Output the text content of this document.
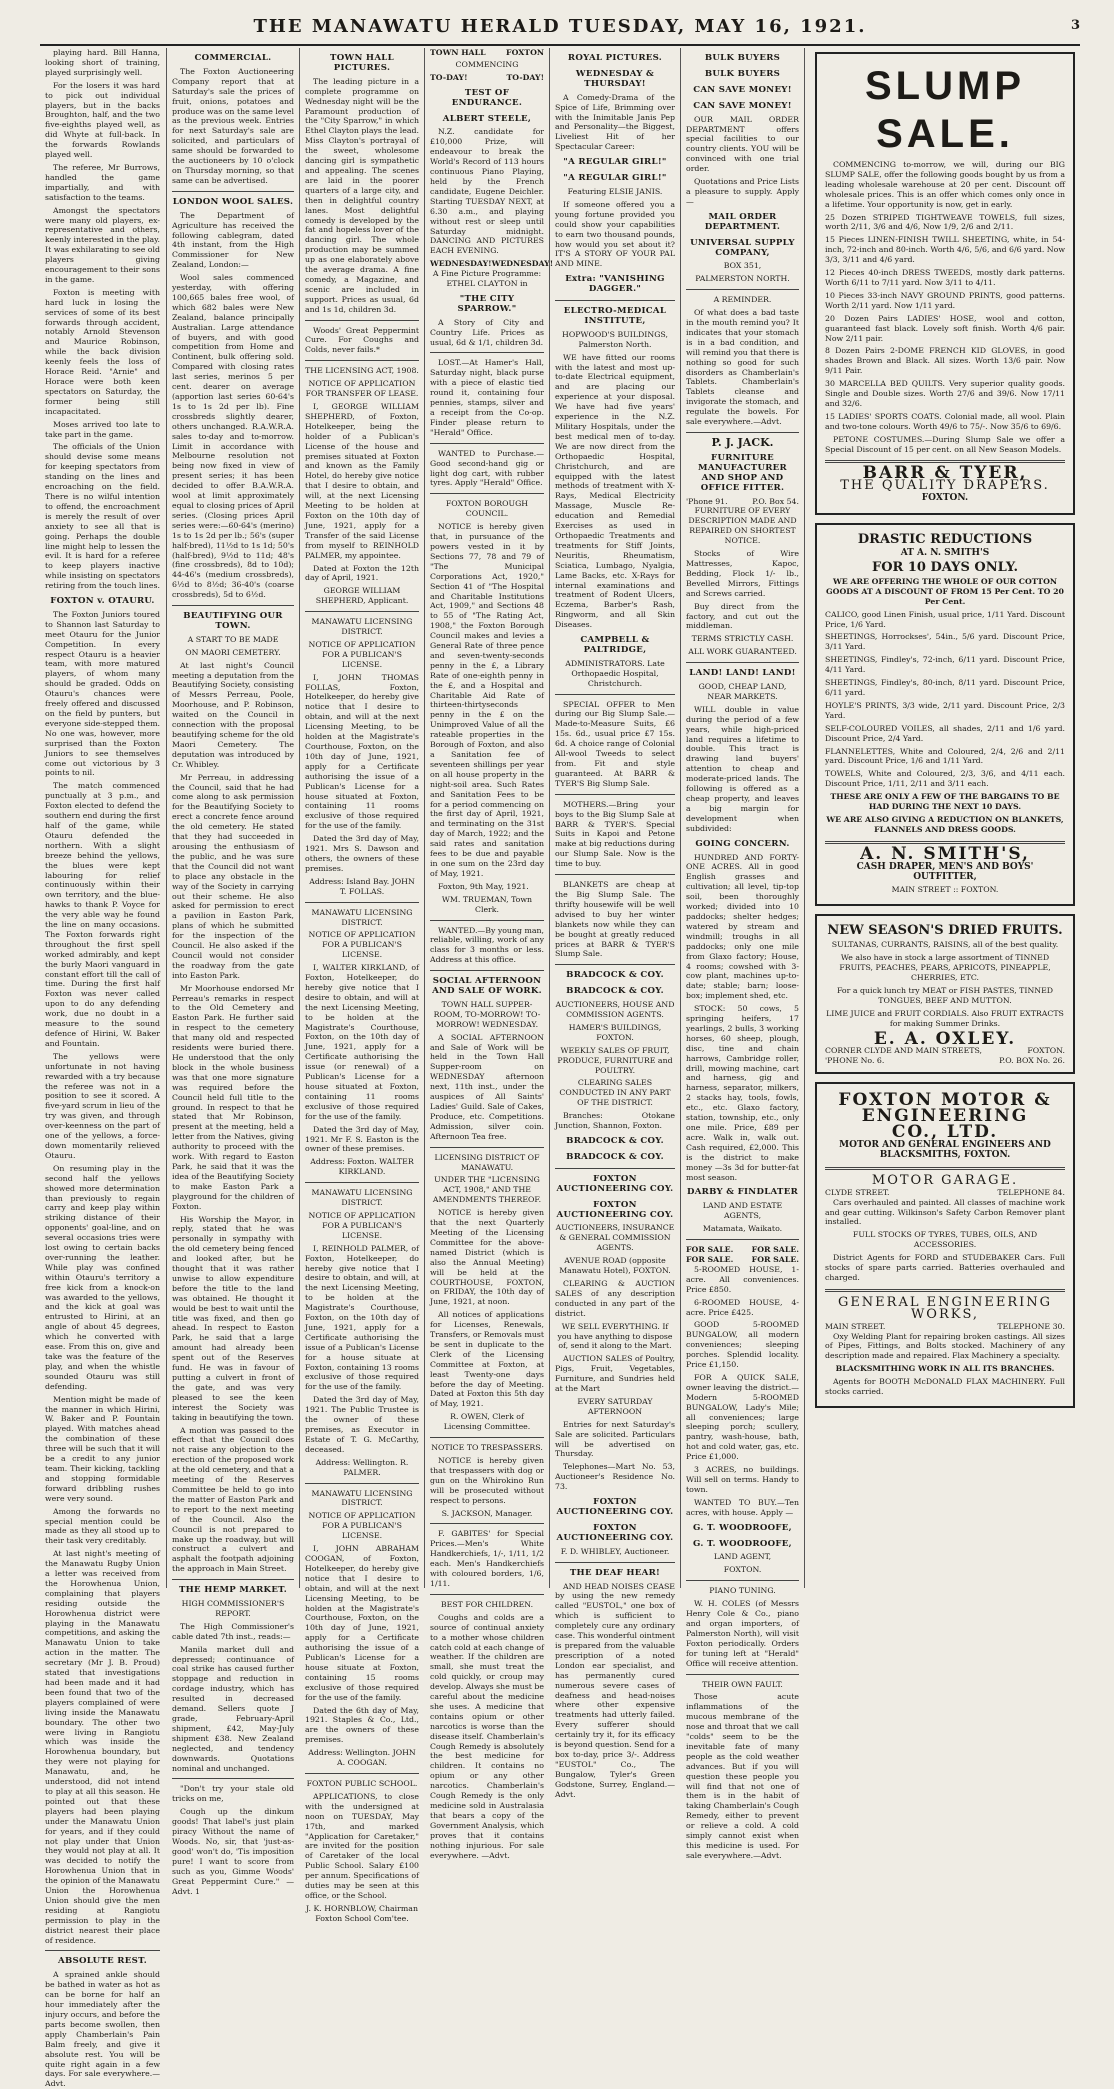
THE MANAWATU HERALD TUESDAY, MAY 16, 1921.	3

playing hard. Bill Hanna, looking short of training, played surprisingly well.

For the losers it was hard to pick out individual players, but in the backs Broughton, half, and the two five-eighths played well, as did Whyte at full-back. In the forwards Rowlands played well.

The referee, Mr Burrows, handled the game impartially, and with satisfaction to the teams.

Amongst the spectators were many old players, ex-representative and others, keenly interested in the play. It was exhilarating to see old players giving encouragement to their sons in the game.

Foxton is meeting with hard luck in losing the services of some of its best forwards through accident, notably Arnold Stevenson and Maurice Robinson, while the back division keenly feels the loss of Horace Reid. "Arnie" and Horace were both keen spectators on Saturday, the former being still incapacitated.

Moses arrived too late to take part in the game.

The officials of the Union should devise some means for keeping spectators from standing on the lines and encroaching on the field. There is no wilful intention to offend, the encroachment is merely the result of over anxiety to see all that is going. Perhaps the double line might help to lessen the evil. It is hard for a referee to keep players inactive while insisting on spectators retiring from the touch lines.

FOXTON v. OTAURU.

The Foxton Juniors toured to Shannon last Saturday to meet Otauru for the Junior Competition. In every respect Otauru is a heavier team, with more matured players, of whom many should be graded. Odds on Otauru's chances were freely offered and discussed on the field by punters, but everyone side-stepped them. No one was, however, more surprised than the Foxton Juniors to see themselves come out victorious by 3 points to nil.

The match commenced punctually at 3 p.m., and Foxton elected to defend the southern end during the first half of the game, while Otauru defended the northern. With a slight breeze behind the yellows, the blues were kept labouring for relief continuously within their own territory, and the blue-hawks to thank P. Voyce for the very able way he found the line on many occasions. The Foxton forwards right throughout the first spell worked admirably, and kept the burly Maori vanguard in constant effort till the call of time. During the first half Foxton was never called upon to do any defending work, due no doubt in a measure to the sound defence of Hirini, W. Baker and Fountain.

The yellows were unfortunate in not having rewarded with a try because the referee was not in a position to see it scored. A five-yard scrum in lieu of the try was given, and through over-keenness on the part of one of the yellows, a force-down momentarily relieved Otauru.

On resuming play in the second half the yellows showed more determination than previously to regain carry and keep play within striking distance of their opponents' goal-line, and on several occasions tries were lost owing to certain backs over-running the leather. While play was confined within Otauru's territory a free kick from a knock-on was awarded to the yellows, and the kick at goal was entrusted to Hirini, at an angle of about 45 degrees, which he converted with ease. From this on, give and take was the feature of the play, and when the whistle sounded Otauru was still defending.

Mention might be made of the manner in which Hirini, W. Baker and P. Fountain played. With matches ahead the combination of these three will be such that it will be a credit to any junior team. Their kicking, tackling and stopping formidable forward dribbling rushes were very sound.

Among the forwards no special mention could be made as they all stood up to their task very creditably.

At last night's meeting of the Manawatu Rugby Union a letter was received from the Horowhenua Union, complaining that players residing outside the Horowhenua district were playing in the Manawatu competitions, and asking the Manawatu Union to take action in the matter. The secretary (Mr J. B. Proud) stated that investigations had been made and it had been found that two of the players complained of were living inside the Manawatu boundary. The other two were living in Rangiotu which was inside the Horowhenua boundary, but they were not playing for Manawatu, and, he understood, did not intend to play at all this season. He pointed out that these players had been playing under the Manawatu Union for years, and if they could not play under that Union they would not play at all. It was decided to notify the Horowhenua Union that in the opinion of the Manawatu Union the Horowhenua Union should give the men residing at Rangiotu permission to play in the district nearest their place of residence.

ABSOLUTE REST.

A sprained ankle should be bathed in water as hot as can be borne for half an hour immediately after the injury occurs, and before the parts become swollen, then apply Chamberlain's Pain Balm freely, and give it absolute rest. You will be quite right again in a few days. For sale everywhere.—Advt.

COMMERCIAL.

The Foxton Auctioneering Company report that at Saturday's sale the prices of fruit, onions, potatoes and produce was on the same level as the previous week. Entries for next Saturday's sale are solicited, and particulars of same should be forwarded to the auctioneers by 10 o'clock on Thursday morning, so that same can be advertised.

LONDON WOOL SALES.

The Department of Agriculture has received the following cablegram, dated 4th instant, from the High Commissioner for New Zealand, London:—

Wool sales commenced yesterday, with offering 100,665 bales free wool, of which 682 bales were New Zealand, balance principally Australian. Large attendance of buyers, and with good competition from Home and Continent, bulk offering sold. Compared with closing rates last series, merinos 5 per cent. dearer on average (apportion last series 60-64's 1s to 1s 2d per lb). Fine crossbreds slightly dearer, others unchanged. R.A.W.R.A. sales to-day and to-morrow. Limit in accordance with Melbourne resolution not being now fixed in view of present series; it has been decided to offer B.A.W.R.A. wool at limit approximately equal to closing prices of April series. (Closing prices April series were:—60-64's (merino) 1s to 1s 2d per lb.; 56's (super half-bred), 11½d to 1s 1d; 50's (half-bred), 9½d to 11d; 48's (fine crossbreds), 8d to 10d); 44-46's (medium crossbreds), 6½d to 8½d; 36-40's (coarse crossbreds), 5d to 6½d.

BEAUTIFYING OUR TOWN.
A START TO BE MADE
ON MAORI CEMETERY.

At last night's Council meeting a deputation from the Beautifying Society, consisting of Messrs Perreau, Poole, Moorhouse, and P. Robinson, waited on the Council in connection with the proposal beautifying scheme for the old Maori Cemetery. The deputation was introduced by Cr. Whibley.

Mr Perreau, in addressing the Council, said that he had come along to ask permission for the Beautifying Society to erect a concrete fence around the old cemetery. He stated that they had succeeded in arousing the enthusiasm of the public, and he was sure that the Council did not want to place any obstacle in the way of the Society in carrying out their scheme. He also asked for permission to erect a pavilion in Easton Park, plans of which he submitted for the inspection of the Council. He also asked if the Council would not consider the roadway from the gate into Easton Park.

Mr Moorhouse endorsed Mr Perreau's remarks in respect to the Old Cemetery and Easton Park. He further said in respect to the cemetery that many old and respected residents were buried there. He understood that the only block in the whole business was that one more signature was required before the Council held full title to the ground. In respect to that he stated that Mr Robinson, present at the meeting, held a letter from the Natives, giving authority to proceed with the work. With regard to Easton Park, he said that it was the idea of the Beautifying Society to make Easton Park a playground for the children of Foxton.

His Worship the Mayor, in reply, stated that he was personally in sympathy with the old cemetery being fenced and looked after, but he thought that it was rather unwise to allow expenditure before the title to the land was obtained. He thought it would be best to wait until the title was fixed, and then go ahead. In respect to Easton Park, he said that a large amount had already been spent out of the Reserves fund. He was in favour of putting a culvert in front of the gate, and was very pleased to see the keen interest the Society was taking in beautifying the town.

A motion was passed to the effect that the Council does not raise any objection to the erection of the proposed work at the old cemetery, and that a meeting of the Reserves Committee be held to go into the matter of Easton Park and to report to the next meeting of the Council. Also the Council is not prepared to make up the roadway, but will construct a culvert and asphalt the footpath adjoining the approach in Main Street.

THE HEMP MARKET.
HIGH COMMISSIONER'S REPORT.

The High Commissioner's cable dated 7th inst., reads:—

Manila market dull and depressed; continuance of coal strike has caused further stoppage and reduction in cordage industry, which has resulted in decreased demand. Sellers quote J grade, February-April shipment, £42, May-July shipment £38. New Zealand neglected, and tendency downwards. Quotations nominal and unchanged.

"Don't try your stale old tricks on me,

Cough up the dinkum goods! That label's just plain piracy Without the name of Woods. No, sir, that 'just-as-good' won't do, 'Tis imposition pure! I want to score from such as you, Gimme Woods' Great Peppermint Cure." —Advt. 1

TOWN HALL PICTURES.

The leading picture in a complete programme on Wednesday night will be the Paramount production of the "City Sparrow," in which Ethel Clayton plays the lead. Miss Clayton's portrayal of the sweet, wholesome dancing girl is sympathetic and appealing. The scenes are laid in the poorer quarters of a large city, and then in delightful country lanes. Most delightful comedy is developed by the fat and hopeless lover of the dancing girl. The whole production may be summed up as one elaborately above the average drama. A fine comedy, a Magazine, and scenic are included in support. Prices as usual, 6d and 1s 1d, children 3d.

Woods' Great Peppermint Cure. For Coughs and Colds, never fails.*

THE LICENSING ACT, 1908.
NOTICE OF APPLICATION FOR TRANSFER OF LEASE.

I, GEORGE WILLIAM SHEPHERD, of Foxton, Hotelkeeper, being the holder of a Publican's License of the house and premises situated at Foxton and known as the Family Hotel, do hereby give notice that I desire to obtain, and will, at the next Licensing Meeting to be holden at Foxton on the 10th day of June, 1921, apply for a Transfer of the said License from myself to REINHOLD PALMER, my appointee.

Dated at Foxton the 12th day of April, 1921.

GEORGE WILLIAM SHEPHERD, Applicant.

MANAWATU LICENSING DISTRICT.
NOTICE OF APPLICATION FOR A PUBLICAN'S LICENSE.

I, JOHN THOMAS FOLLAS, Foxton, Hotelkeeper, do hereby give notice that I desire to obtain, and will at the next Licensing Meeting, to be holden at the Magistrate's Courthouse, Foxton, on the 10th day of June, 1921, apply for a Certificate authorising the issue of a Publican's License for a house situated at Foxton, containing 11 rooms exclusive of those required for the use of the family.

Dated the 3rd day of May, 1921. Mrs S. Dawson and others, the owners of these premises.

Address: Island Bay. JOHN T. FOLLAS.

MANAWATU LICENSING DISTRICT.
NOTICE OF APPLICATION FOR A PUBLICAN'S LICENSE.

I, WALTER KIRKLAND, of Foxton, Hotelkeeper, do hereby give notice that I desire to obtain, and will at the next Licensing Meeting, to be holden at the Magistrate's Courthouse, Foxton, on the 10th day of June, 1921, apply for a Certificate authorising the issue (or renewal) of a Publican's License for a house situated at Foxton, containing 11 rooms exclusive of those required for the use of the family.

Dated the 3rd day of May, 1921. Mr F. S. Easton is the owner of these premises.

Address: Foxton. WALTER KIRKLAND.

MANAWATU LICENSING DISTRICT.
NOTICE OF APPLICATION FOR A PUBLICAN'S LICENSE.

I, REINHOLD PALMER, of Foxton, Hotelkeeper, do hereby give notice that I desire to obtain, and will, at the next Licensing Meeting, to be holden at the Magistrate's Courthouse, Foxton, on the 10th day of June, 1921, apply for a Certificate authorising the issue of a Publican's License for a house situate at Foxton, containing 13 rooms exclusive of those required for the use of the family.

Dated the 3rd day of May, 1921. The Public Trustee is the owner of these premises, as Executor in Estate of T. G. McCarthy, deceased.

Address: Wellington. R. PALMER.

MANAWATU LICENSING DISTRICT.
NOTICE OF APPLICATION FOR A PUBLICAN'S LICENSE.

I, JOHN ABRAHAM COOGAN, of Foxton, Hotelkeeper, do hereby give notice that I desire to obtain, and will at the next Licensing Meeting, to be holden at the Magistrate's Courthouse, Foxton, on the 10th day of June, 1921, apply for a Certificate authorising the issue of a Publican's License for a house situate at Foxton, containing 15 rooms exclusive of those required for the use of the family.

Dated the 6th day of May, 1921. Staples & Co., Ltd., are the owners of these premises.

Address: Wellington. JOHN A. COOGAN.

FOXTON PUBLIC SCHOOL.

APPLICATIONS, to close with the undersigned at noon on TUESDAY, May 17th, and marked "Application for Caretaker," are invited for the position of Caretaker of the local Public School. Salary £100 per annum. Specifications of duties may be seen at this office, or the School.

J. K. HORNBLOW, Chairman Foxton School Com'tee.

TOWN HALL	FOXTON
COMMENCING
TO-DAY!	TO-DAY!
TEST OF ENDURANCE.
ALBERT STEELE,

N.Z. candidate for £10,000 Prize, will endeavour to break the World's Record of 113 hours continuous Piano Playing, held by the French candidate, Eugene Deichler. Starting TUESDAY NEXT, at 6.30 a.m., and playing without rest or sleep until Saturday midnight. DANCING AND PICTURES EACH EVENING.

WEDNESDAY! WEDNESDAY!

A Fine Picture Programme: ETHEL CLAYTON in

"THE CITY SPARROW."

A Story of City and Country Life. Prices as usual, 6d & 1/1, children 3d.

LOST.—At Hamer's Hall, Saturday night, black purse with a piece of elastic tied round it, containing four pennies, stamps, silver and a receipt from the Co-op. Finder please return to "Herald" Office.

WANTED to Purchase.—Good second-hand gig or light dog cart, with rubber tyres. Apply "Herald" Office.

FOXTON BOROUGH COUNCIL.

NOTICE is hereby given that, in pursuance of the powers vested in it by Sections 77, 78 and 79 of "The Municipal Corporations Act, 1920," Section 41 of "The Hospital and Charitable Institutions Act, 1909," and Sections 48 to 55 of "The Rating Act, 1908," the Foxton Borough Council makes and levies a General Rate of three pence and seven-twenty-seconds penny in the £, a Library Rate of one-eighth penny in the £, and a Hospital and Charitable Aid Rate of thirteen-thirtyseconds penny in the £ on the Unimproved Value of all the rateable properties in the Borough of Foxton, and also a Sanitation fee of seventeen shillings per year on all house property in the night-soil area. Such Rates and Sanitation Fees to be for a period commencing on the first day of April, 1921, and terminating on the 31st day of March, 1922; and the said rates and sanitation fees to be due and payable in one sum on the 23rd day of May, 1921.

Foxton, 9th May, 1921.

WM. TRUEMAN, Town Clerk.

WANTED.—By young man, reliable, willing, work of any class for 3 months or less. Address at this office.

SOCIAL AFTERNOON AND SALE OF WORK.

TOWN HALL SUPPER-ROOM, TO-MORROW! TO-MORROW! WEDNESDAY.

A SOCIAL AFTERNOON and Sale of Work will be held in the Town Hall Supper-room on WEDNESDAY afternoon next, 11th inst., under the auspices of All Saints' Ladies' Guild. Sale of Cakes, Produce, etc. Competitions. Admission, silver coin. Afternoon Tea free.

LICENSING DISTRICT OF MANAWATU.
UNDER THE "LICENSING ACT, 1908," AND THE AMENDMENTS THEREOF.

NOTICE is hereby given that the next Quarterly Meeting of the Licensing Committee for the above-named District (which is also the Annual Meeting) will be held at the COURTHOUSE, FOXTON, on FRIDAY, the 10th day of June, 1921, at noon.

All notices of applications for Licenses, Renewals, Transfers, or Removals must be sent in duplicate to the Clerk of the Licensing Committee at Foxton, at least Twenty-one days before the day of Meeting. Dated at Foxton this 5th day of May, 1921.

R. OWEN, Clerk of Licensing Committee.

NOTICE TO TRESPASSERS.

NOTICE is hereby given that trespassers with dog or gun on the Whirokino Run will be prosecuted without respect to persons.

S. JACKSON, Manager.

F. GABITES' for Special Prices.—Men's White Handkerchiefs, 1/-, 1/11, 1/2 each. Men's Handkerchiefs with coloured borders, 1/6, 1/11.

BEST FOR CHILDREN.

Coughs and colds are a source of continual anxiety to a mother whose children catch cold at each change of weather. If the children are small, she must treat the cold quickly, or croup may develop. Always she must be careful about the medicine she uses. A medicine that contains opium or other narcotics is worse than the disease itself. Chamberlain's Cough Remedy is absolutely the best medicine for children. It contains no opium or any other narcotics. Chamberlain's Cough Remedy is the only medicine sold in Australasia that bears a copy of the Government Analysis, which proves that it contains nothing injurious. For sale everywhere. —Advt.

ROYAL PICTURES.
WEDNESDAY & THURSDAY!

A Comedy-Drama of the Spice of Life, Brimming over with the Inimitable Janis Pep and Personality—the Biggest, Liveliest Hit of her Spectacular Career:

"A REGULAR GIRL!"
"A REGULAR GIRL!"

Featuring ELSIE JANIS.

If someone offered you a young fortune provided you could show your capabilities to earn two thousand pounds, how would you set about it? IT'S A STORY OF YOUR PAL AND MINE.

Extra: "VANISHING DAGGER."
ELECTRO-MEDICAL INSTITUTE,

HOPWOOD'S BUILDINGS, Palmerston North.

WE have fitted our rooms with the latest and most up-to-date Electrical equipment, and are placing our experience at your disposal. We have had five years' experience in the N.Z. Military Hospitals, under the best medical men of to-day. We are now direct from the Orthopaedic Hospital, Christchurch, and are equipped with the latest methods of treatment with X-Rays, Medical Electricity Massage, Muscle Re-education and Remedial Exercises as used in Orthopaedic Treatments and treatments for Stiff Joints, Neuritis, Rheumatism, Sciatica, Lumbago, Nyalgia, Lame Backs, etc. X-Rays for internal examinations and treatment of Rodent Ulcers, Eczema, Barber's Rash, Ringworm, and all Skin Diseases.

CAMPBELL & PALTRIDGE,

ADMINISTRATORS. Late Orthopaedic Hospital, Christchurch.

SPECIAL OFFER to Men during our Big Slump Sale.—Made-to-Measure Suits, £6 15s. 6d., usual price £7 15s. 6d. A choice range of Colonial All-wool Tweeds to select from. Fit and style guaranteed. At BARR & TYER'S Big Slump Sale.

MOTHERS.—Bring your boys to the Big Slump Sale at BARR & TYER'S. Special Suits in Kapoi and Petone make at big reductions during our Slump Sale. Now is the time to buy.

BLANKETS are cheap at the Big Slump Sale. The thrifty housewife will be well advised to buy her winter blankets now while they can be bought at greatly reduced prices at BARR & TYER'S Slump Sale.

BRADCOCK & COY.
BRADCOCK & COY.

AUCTIONEERS, HOUSE AND COMMISSION AGENTS.

HAMER'S BUILDINGS, FOXTON.

WEEKLY SALES OF FRUIT, PRODUCE, FURNITURE and POULTRY.

CLEARING SALES CONDUCTED IN ANY PART OF THE DISTRICT.

Branches: Otokane Junction, Shannon, Foxton.

BRADCOCK & COY.
BRADCOCK & COY.
FOXTON AUCTIONEERING COY.
FOXTON AUCTIONEERING COY.

AUCTIONEERS, INSURANCE & GENERAL COMMISSION AGENTS.

AVENUE ROAD (opposite Manawatu Hotel), FOXTON.

CLEARING & AUCTION SALES of any description conducted in any part of the district.

WE SELL EVERYTHING. If you have anything to dispose of, send it along to the Mart.

AUCTION SALES of Poultry, Pigs, Fruit, Vegetables, Furniture, and Sundries held at the Mart

EVERY SATURDAY AFTERNOON

Entries for next Saturday's Sale are solicited. Particulars will be advertised on Thursday.

Telephones—Mart No. 53, Auctioneer's Residence No. 73.

FOXTON AUCTIONEERING COY.
FOXTON AUCTIONEERING COY.

F. D. WHIBLEY, Auctioneer.

THE DEAF HEAR!

AND HEAD NOISES CEASE by using the new remedy called "EUSTOL," one box of which is sufficient to completely cure any ordinary case. This wonderful ointment is prepared from the valuable prescription of a noted London ear specialist, and has permanently cured numerous severe cases of deafness and head-noises where other expensive treatments had utterly failed. Every sufferer should certainly try it, for its efficacy is beyond question. Send for a box to-day, price 3/-. Address "EUSTOL" Co., The Bungalow, Tyler's Green Godstone, Surrey, England.—Advt.

BULK BUYERS
BULK BUYERS
CAN SAVE MONEY!
CAN SAVE MONEY!

OUR MAIL ORDER DEPARTMENT offers special facilities to our country clients. YOU will be convinced with one trial order.

Quotations and Price Lists a pleasure to supply. Apply —

MAIL ORDER DEPARTMENT.
UNIVERSAL SUPPLY COMPANY,

BOX 351,

PALMERSTON NORTH.

A REMINDER.

Of what does a bad taste in the mouth remind you? It indicates that your stomach is in a bad condition, and will remind you that there is nothing so good for such disorders as Chamberlain's Tablets. Chamberlain's Tablets cleanse and invigorate the stomach, and regulate the bowels. For sale everywhere.—Advt.

P. J. JACK.
FURNITURE MANUFACTURER AND SHOP AND OFFICE FITTER.
'Phone 91.	P.O. Box 54.

FURNITURE OF EVERY DESCRIPTION MADE AND REPAIRED ON SHORTEST NOTICE.

Stocks of Wire Mattresses, Kapoc, Bedding, Flock 1/- lb., Bevelled Mirrors, Fittings and Screws carried.

Buy direct from the factory, and cut out the middleman.

TERMS STRICTLY CASH.

ALL WORK GUARANTEED.

LAND! LAND! LAND!

GOOD, CHEAP LAND, NEAR MARKETS.

WILL double in value during the period of a few years, while high-priced land requires a lifetime to double. This tract is drawing land buyers' attention to cheap and moderate-priced lands. The following is offered as a cheap property, and leaves a big margin for development when subdivided:

GOING CONCERN.

HUNDRED AND FORTY-ONE ACRES. All in good English grasses and cultivation; all level, tip-top soil, been thoroughly worked; divided into 10 paddocks; shelter hedges; watered by stream and windmill; troughs in all paddocks; only one mile from Glaxo factory; House, 4 rooms; cowshed with 3-cow plant, machines up-to-date; stable; barn; loose-box; implement shed, etc.

STOCK: 50 cows, 5 springing heifers, 17 yearlings, 2 bulls, 3 working horses, 60 sheep, plough, disc, tine and chain harrows, Cambridge roller, drill, mowing machine, cart and harness, gig and harness, separator, milkers, 2 stacks hay, tools, fowls, etc., etc. Glaxo factory, station, township, etc., only one mile. Price, £89 per acre. Walk in, walk out. Cash required, £2,000. This is the district to make money —3s 3d for butter-fat most season.

DARBY & FINDLATER

LAND AND ESTATE AGENTS,

Matamata, Waikato.

FOR SALE. FOR SALE.
FOR SALE. FOR SALE.

5-ROOMED HOUSE, 1-acre. All conveniences. Price £850.

6-ROOMED HOUSE, 4-acre. Price £425.

GOOD 5-ROOMED BUNGALOW, all modern conveniences; sleeping porches. Splendid locality. Price £1,150.

FOR A QUICK SALE, owner leaving the district.—Modern 5-ROOMED BUNGALOW, Lady's Mile; all conveniences; large sleeping porch; scullery, pantry, wash-house, bath, hot and cold water, gas, etc. Price £1,000.

3 ACRES, no buildings. Will sell on terms. Handy to town.

WANTED TO BUY.—Ten acres, with house. Apply —

G. T. WOODROOFE,
G. T. WOODROOFE,

LAND AGENT,

FOXTON.

PIANO TUNING.

W. H. COLES (of Messrs Henry Cole & Co., piano and organ importers, of Palmerston North), will visit Foxton periodically. Orders for tuning left at "Herald" Office will receive attention.

THEIR OWN FAULT.

Those acute inflammations of the mucous membrane of the nose and throat that we call "colds" seem to be the inevitable fate of many people as the cold weather advances. But if you will question these people you will find that not one of them is in the habit of taking Chamberlain's Cough Remedy, either to prevent or relieve a cold. A cold simply cannot exist when this medicine is used. For sale everywhere.—Advt.

SLUMP
SALE.

COMMENCING to-morrow, we will, during our BIG SLUMP SALE, offer the following goods bought by us from a leading wholesale warehouse at 20 per cent. Discount off wholesale prices. This is an offer which comes only once in a lifetime. Your opportunity is now, get in early.

25 Dozen STRIPED TIGHTWEAVE TOWELS, full sizes, worth 2/11, 3/6 and 4/6, Now 1/9, 2/6 and 2/11.

15 Pieces LINEN-FINISH TWILL SHEETING, white, in 54-inch, 72-inch and 80-inch. Worth 4/6, 5/6, and 6/6 yard. Now 3/3, 3/11 and 4/6 yard.

12 Pieces 40-inch DRESS TWEEDS, mostly dark patterns. Worth 6/11 to 7/11 yard. Now 3/11 to 4/11.

10 Pieces 33-inch NAVY GROUND PRINTS, good patterns. Worth 2/11 yard. Now 1/11 yard.

20 Dozen Pairs LADIES' HOSE, wool and cotton, guaranteed fast black. Lovely soft finish. Worth 4/6 pair. Now 2/11 pair.

8 Dozen Pairs 2-DOME FRENCH KID GLOVES, in good shades Brown and Black. All sizes. Worth 13/6 pair. Now 9/11 Pair.

30 MARCELLA BED QUILTS. Very superior quality goods. Single and Double sizes. Worth 27/6 and 39/6. Now 17/11 and 32/6.

15 LADIES' SPORTS COATS. Colonial made, all wool. Plain and two-tone colours. Worth 49/6 to 75/-. Now 35/6 to 69/6.

PETONE COSTUMES.—During Slump Sale we offer a Special Discount of 15 per cent. on all New Season Models.

BARR & TYER,
THE QUALITY DRAPERS.
FOXTON.
DRASTIC REDUCTIONS
AT A. N. SMITH'S
FOR 10 DAYS ONLY.

WE ARE OFFERING THE WHOLE OF OUR COTTON GOODS AT A DISCOUNT OF FROM 15 Per Cent. TO 20 Per Cent.

CALICO, good Linen Finish, usual price, 1/11 Yard. Discount Price, 1/6 Yard.

SHEETINGS, Horrockses', 54in., 5/6 yard. Discount Price, 3/11 Yard.

SHEETINGS, Findley's, 72-inch, 6/11 yard. Discount Price, 4/11 Yard.

SHEETINGS, Findley's, 80-inch, 8/11 yard. Discount Price, 6/11 yard.

HOYLE'S PRINTS, 3/3 wide, 2/11 yard. Discount Price, 2/3 Yard.

SELF-COLOURED VOILES, all shades, 2/11 and 1/6 yard. Discount Price, 2/4 Yard.

FLANNELETTES, White and Coloured, 2/4, 2/6 and 2/11 yard. Discount Price, 1/6 and 1/11 Yard.

TOWELS, White and Coloured, 2/3, 3/6, and 4/11 each. Discount Price, 1/11, 2/11 and 3/11 each.

THESE ARE ONLY A FEW OF THE BARGAINS TO BE HAD DURING THE NEXT 10 DAYS.

WE ARE ALSO GIVING A REDUCTION ON BLANKETS, FLANNELS AND DRESS GOODS.

A. N. SMITH'S,
CASH DRAPER, MEN'S AND BOYS' OUTFITTER,

MAIN STREET :: FOXTON.

NEW SEASON'S DRIED FRUITS.

SULTANAS, CURRANTS, RAISINS, all of the best quality.

We also have in stock a large assortment of TINNED FRUITS, PEACHES, PEARS, APRICOTS, PINEAPPLE, CHERRIES, ETC.

For a quick lunch try MEAT or FISH PASTES, TINNED TONGUES, BEEF AND MUTTON.

LIME JUICE and FRUIT CORDIALS. Also FRUIT EXTRACTS for making Summer Drinks.

E. A. OXLEY.
CORNER CLYDE AND MAIN STREETS,	FOXTON.
'PHONE No. 6.	P.O. BOX No. 26.
FOXTON MOTOR &
ENGINEERING
CO., LTD.
MOTOR AND GENERAL ENGINEERS AND BLACKSMITHS, FOXTON.
MOTOR GARAGE.
CLYDE STREET.	TELEPHONE 84.

Cars overhauled and painted. All classes of machine work and gear cutting. Wilkinson's Safety Carbon Remover plant installed.

FULL STOCKS OF TYRES, TUBES, OILS, AND ACCESSORIES.

District Agents for FORD and STUDEBAKER Cars. Full stocks of spare parts carried. Batteries overhauled and charged.

GENERAL ENGINEERING
WORKS,
MAIN STREET.	TELEPHONE 30.

Oxy Welding Plant for repairing broken castings. All sizes of Pipes, Fittings, and Bolts stocked. Machinery of any description made and repaired. Flax Machinery a specialty.

BLACKSMITHING WORK IN ALL ITS BRANCHES.

Agents for BOOTH McDONALD FLAX MACHINERY. Full stocks carried.
